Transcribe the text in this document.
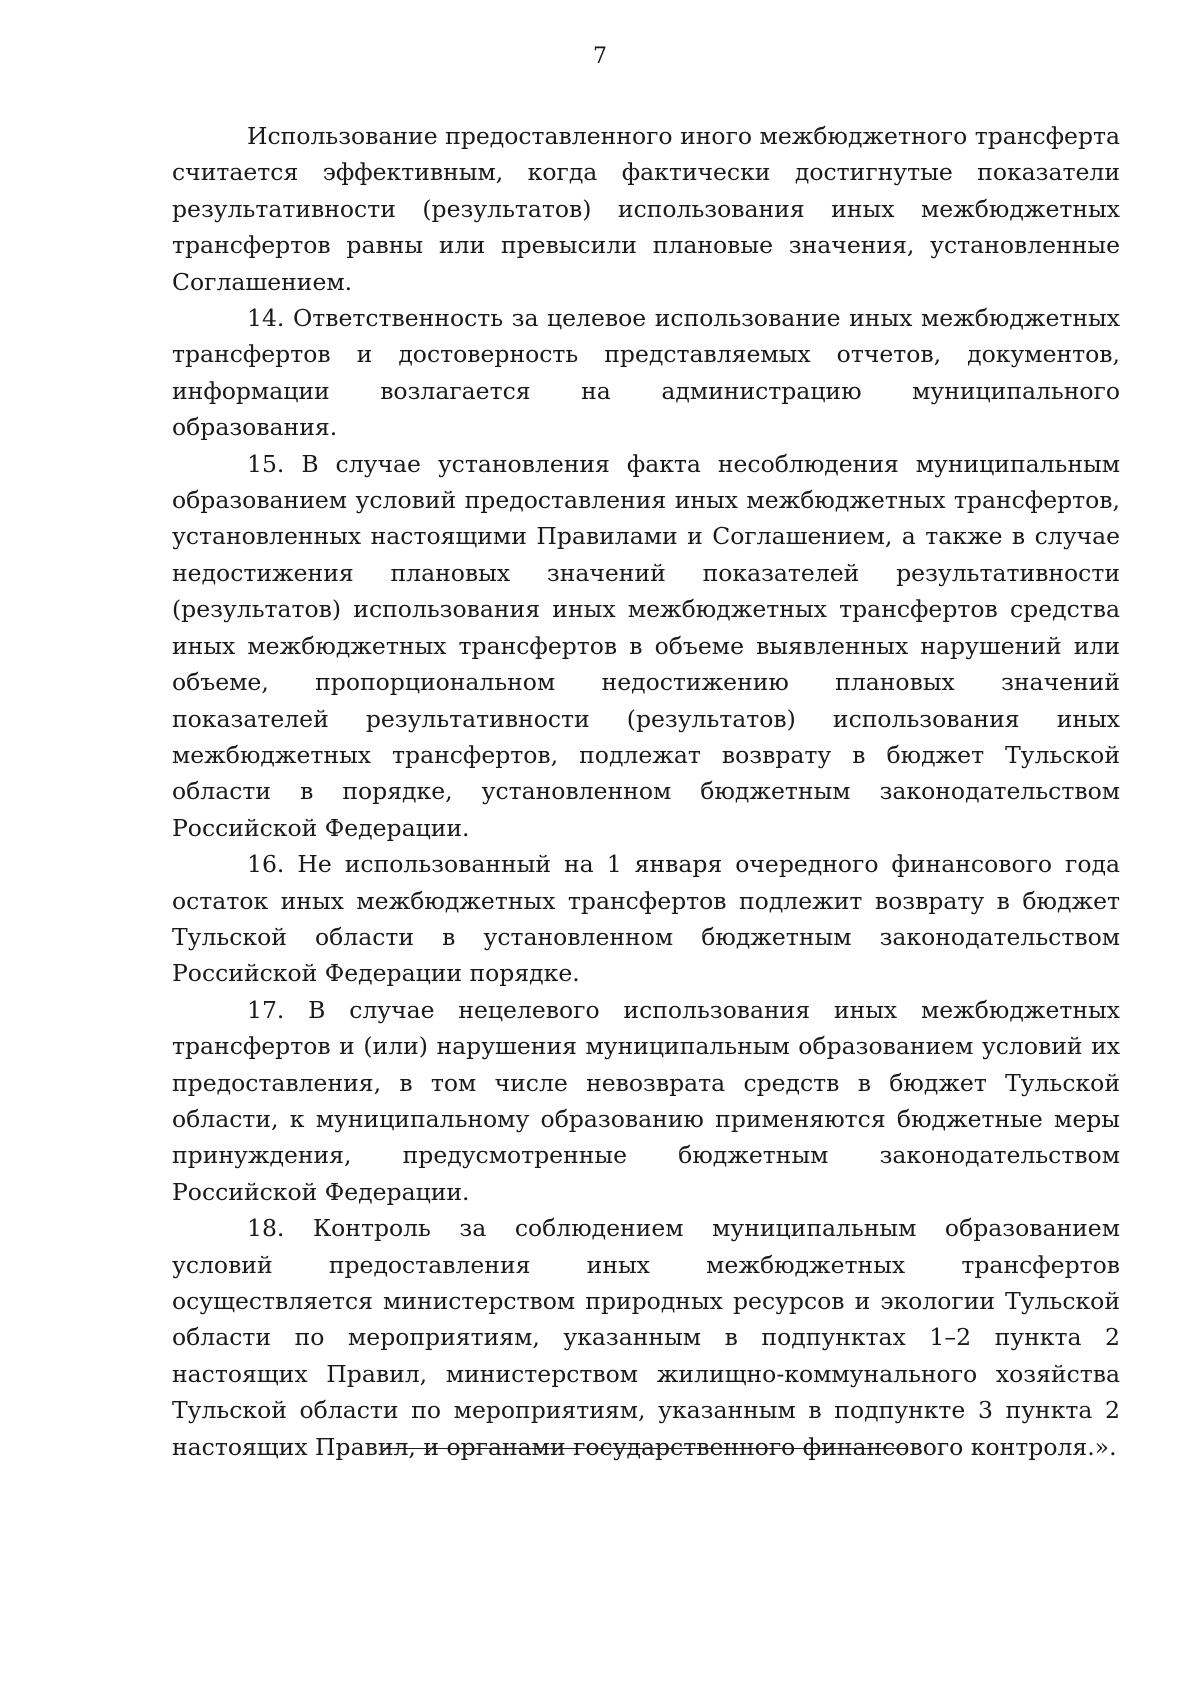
7

Использование предоставленного иного межбюджетного трансферта считается эффективным, когда фактически достигнутые показатели результативности (результатов) использования иных межбюджетных трансфертов равны или превысили плановые значения, установленные Соглашением.

14. Ответственность за целевое использование иных межбюджетных трансфертов и достоверность представляемых отчетов, документов, информации возлагается на администрацию муниципального образования.

15. В случае установления факта несоблюдения муниципальным образованием условий предоставления иных межбюджетных трансфертов, установленных настоящими Правилами и Соглашением, а также в случае недостижения плановых значений показателей результативности (результатов) использования иных межбюджетных трансфертов средства иных межбюджетных трансфертов в объеме выявленных нарушений или объеме, пропорциональном недостижению плановых значений показателей результативности (результатов) использования иных межбюджетных трансфертов, подлежат возврату в бюджет Тульской области в порядке, установленном бюджетным законодательством Российской Федерации.

16. Не использованный на 1 января очередного финансового года остаток иных межбюджетных трансфертов подлежит возврату в бюджет Тульской области в установленном бюджетным законодательством Российской Федерации порядке.

17. В случае нецелевого использования иных межбюджетных трансфертов и (или) нарушения муниципальным образованием условий их предоставления, в том числе невозврата средств в бюджет Тульской области, к муниципальному образованию применяются бюджетные меры принуждения, предусмотренные бюджетным законодательством Российской Федерации.

18. Контроль за соблюдением муниципальным образованием условий предоставления иных межбюджетных трансфертов осуществляется министерством природных ресурсов и экологии Тульской области по мероприятиям, указанным в подпунктах 1–2 пункта 2 настоящих Правил, министерством жилищно-коммунального хозяйства Тульской области по мероприятиям, указанным в подпункте 3 пункта 2 настоящих Правил, и органами государственного финансового контроля.».
